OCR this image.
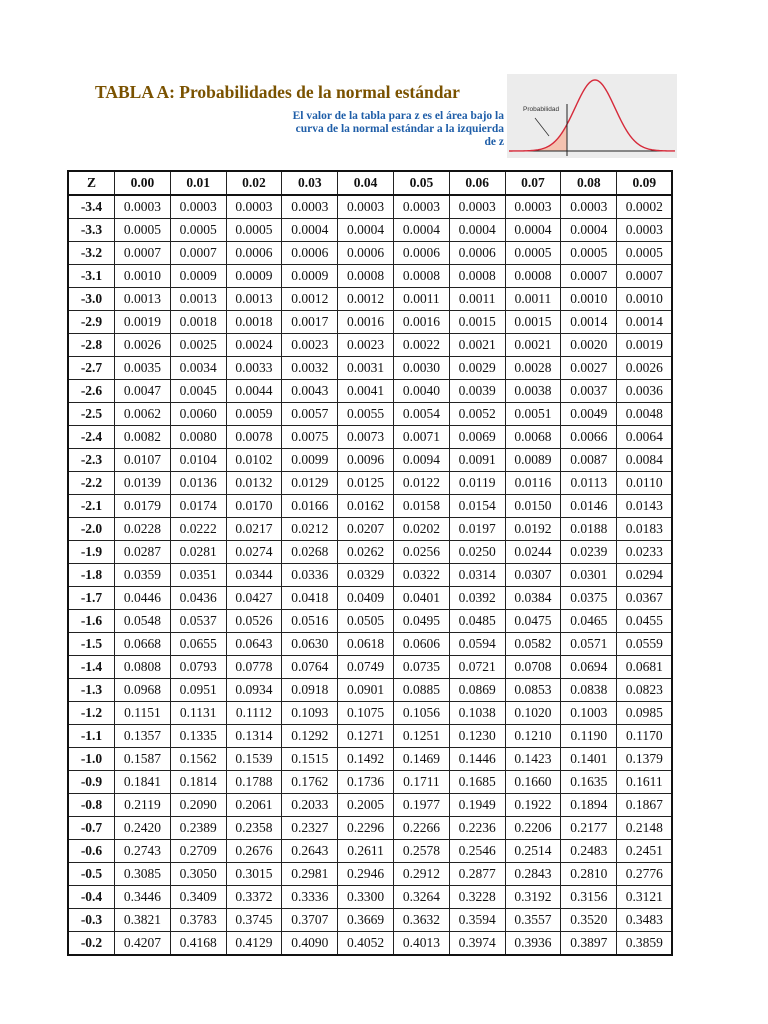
TABLA A: Probabilidades de la normal estándar
El valor de la tabla para z es el área bajo la
curva de la normal estándar a la izquierda
de z
Probabilidad
Z	0.00	0.01	0.02	0.03	0.04	0.05	0.06	0.07	0.08	0.09
-3.4	0.0003	0.0003	0.0003	0.0003	0.0003	0.0003	0.0003	0.0003	0.0003	0.0002
-3.3	0.0005	0.0005	0.0005	0.0004	0.0004	0.0004	0.0004	0.0004	0.0004	0.0003
-3.2	0.0007	0.0007	0.0006	0.0006	0.0006	0.0006	0.0006	0.0005	0.0005	0.0005
-3.1	0.0010	0.0009	0.0009	0.0009	0.0008	0.0008	0.0008	0.0008	0.0007	0.0007
-3.0	0.0013	0.0013	0.0013	0.0012	0.0012	0.0011	0.0011	0.0011	0.0010	0.0010
-2.9	0.0019	0.0018	0.0018	0.0017	0.0016	0.0016	0.0015	0.0015	0.0014	0.0014
-2.8	0.0026	0.0025	0.0024	0.0023	0.0023	0.0022	0.0021	0.0021	0.0020	0.0019
-2.7	0.0035	0.0034	0.0033	0.0032	0.0031	0.0030	0.0029	0.0028	0.0027	0.0026
-2.6	0.0047	0.0045	0.0044	0.0043	0.0041	0.0040	0.0039	0.0038	0.0037	0.0036
-2.5	0.0062	0.0060	0.0059	0.0057	0.0055	0.0054	0.0052	0.0051	0.0049	0.0048
-2.4	0.0082	0.0080	0.0078	0.0075	0.0073	0.0071	0.0069	0.0068	0.0066	0.0064
-2.3	0.0107	0.0104	0.0102	0.0099	0.0096	0.0094	0.0091	0.0089	0.0087	0.0084
-2.2	0.0139	0.0136	0.0132	0.0129	0.0125	0.0122	0.0119	0.0116	0.0113	0.0110
-2.1	0.0179	0.0174	0.0170	0.0166	0.0162	0.0158	0.0154	0.0150	0.0146	0.0143
-2.0	0.0228	0.0222	0.0217	0.0212	0.0207	0.0202	0.0197	0.0192	0.0188	0.0183
-1.9	0.0287	0.0281	0.0274	0.0268	0.0262	0.0256	0.0250	0.0244	0.0239	0.0233
-1.8	0.0359	0.0351	0.0344	0.0336	0.0329	0.0322	0.0314	0.0307	0.0301	0.0294
-1.7	0.0446	0.0436	0.0427	0.0418	0.0409	0.0401	0.0392	0.0384	0.0375	0.0367
-1.6	0.0548	0.0537	0.0526	0.0516	0.0505	0.0495	0.0485	0.0475	0.0465	0.0455
-1.5	0.0668	0.0655	0.0643	0.0630	0.0618	0.0606	0.0594	0.0582	0.0571	0.0559
-1.4	0.0808	0.0793	0.0778	0.0764	0.0749	0.0735	0.0721	0.0708	0.0694	0.0681
-1.3	0.0968	0.0951	0.0934	0.0918	0.0901	0.0885	0.0869	0.0853	0.0838	0.0823
-1.2	0.1151	0.1131	0.1112	0.1093	0.1075	0.1056	0.1038	0.1020	0.1003	0.0985
-1.1	0.1357	0.1335	0.1314	0.1292	0.1271	0.1251	0.1230	0.1210	0.1190	0.1170
-1.0	0.1587	0.1562	0.1539	0.1515	0.1492	0.1469	0.1446	0.1423	0.1401	0.1379
-0.9	0.1841	0.1814	0.1788	0.1762	0.1736	0.1711	0.1685	0.1660	0.1635	0.1611
-0.8	0.2119	0.2090	0.2061	0.2033	0.2005	0.1977	0.1949	0.1922	0.1894	0.1867
-0.7	0.2420	0.2389	0.2358	0.2327	0.2296	0.2266	0.2236	0.2206	0.2177	0.2148
-0.6	0.2743	0.2709	0.2676	0.2643	0.2611	0.2578	0.2546	0.2514	0.2483	0.2451
-0.5	0.3085	0.3050	0.3015	0.2981	0.2946	0.2912	0.2877	0.2843	0.2810	0.2776
-0.4	0.3446	0.3409	0.3372	0.3336	0.3300	0.3264	0.3228	0.3192	0.3156	0.3121
-0.3	0.3821	0.3783	0.3745	0.3707	0.3669	0.3632	0.3594	0.3557	0.3520	0.3483
-0.2	0.4207	0.4168	0.4129	0.4090	0.4052	0.4013	0.3974	0.3936	0.3897	0.3859
